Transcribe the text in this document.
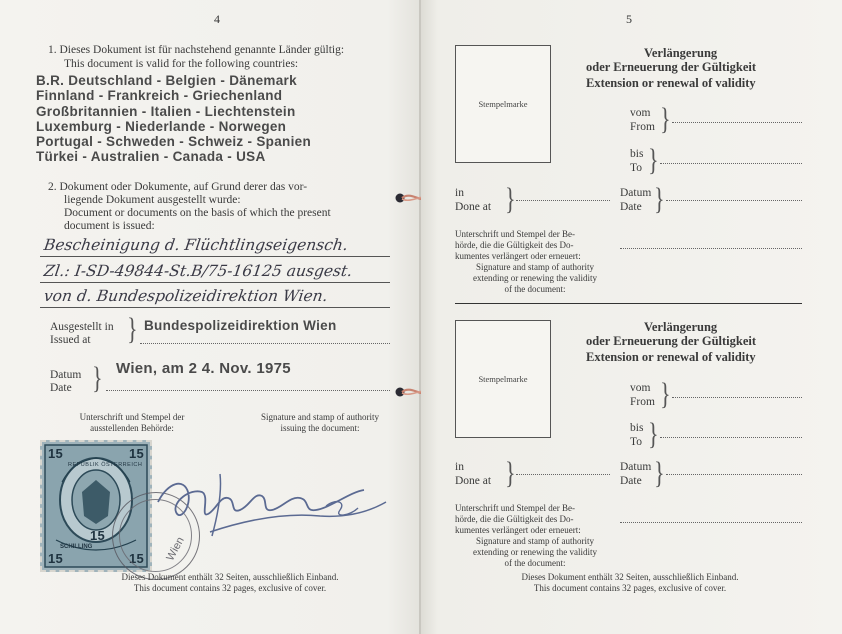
4
1. Dieses Dokument ist für nachstehend genannte Länder gültig:
This document is valid for the following countries:
B.R. Deutschland - Belgien - Dänemark
Finnland - Frankreich - Griechenland
Großbritannien - Italien - Liechtenstein
Luxemburg - Niederlande - Norwegen
Portugal - Schweden - Schweiz - Spanien
Türkei - Australien - Canada - USA
2. Dokument oder Dokumente, auf Grund derer das vor-
liegende Dokument ausgestellt wurde:
Document or documents on the basis of which the present
document is issued:
Bescheinigung d. Flüchtlingseigensch.
Zl.: I-SD-49844-St.B/75-16125 ausgest.
von d. Bundespolizeidirektion Wien.
Ausgestellt in
Issued at } Bundespolizeidirektion Wien
Datum
Date } Wien, am 2 4. Nov. 1975
Unterschrift und Stempel der
ausstellenden Behörde:
Signature and stamp of authority
issuing the document:
15	15
15	15
15
SCHILLING
REPUBLIK ÖSTERREICH
Wien
Dieses Dokument enthält 32 Seiten, ausschließlich Einband.
This document contains 32 pages, exclusive of cover.
5
Stempelmarke
Verlängerung
oder Erneuerung der Gültigkeit
Extension or renewal of validity
vom
From }
bis
To }
in
Done at }	Datum
Date }
Unterschrift und Stempel der Be-
hörde, die die Gültigkeit des Do-
kumentes verlängert oder erneuert:
Signature and stamp of authority
extending or renewing the validity
of the document:
Stempelmarke
Verlängerung
oder Erneuerung der Gültigkeit
Extension or renewal of validity
vom
From }
bis
To }
in
Done at }	Datum
Date }
Unterschrift und Stempel der Be-
hörde, die die Gültigkeit des Do-
kumentes verlängert oder erneuert:
Signature and stamp of authority
extending or renewing the validity
of the document:
Dieses Dokument enthält 32 Seiten, ausschließlich Einband.
This document contains 32 pages, exclusive of cover.
